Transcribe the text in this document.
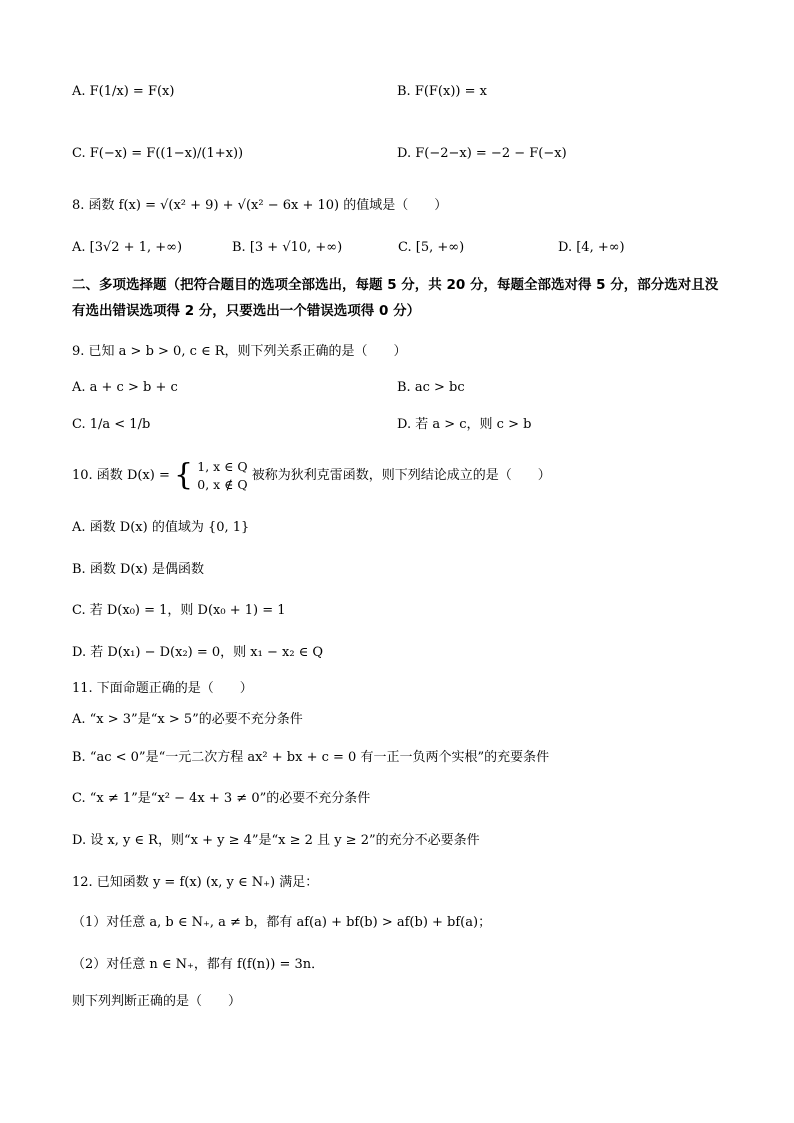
A. F(1/x) = F(x)	B. F(F(x)) = x
C. F(−x) = F((1−x)/(1+x))	D. F(−2−x) = −2 − F(−x)
8. 函数 f(x) = √(x² + 9) + √(x² − 6x + 10) 的值域是（　　）
A. [3√2 + 1, +∞)	B. [3 + √10, +∞)	C. [5, +∞)	D. [4, +∞)
二、多项选择题（把符合题目的选项全部选出，每题 5 分，共 20 分，每题全部选对得 5 分，部分选对且没有选出错误选项得 2 分，只要选出一个错误选项得 0 分）
9. 已知 a > b > 0, c ∈ R，则下列关系正确的是（　　）
A. a + c > b + c	B. ac > bc
C. 1/a < 1/b	D. 若 a > c，则 c > b
10. 函数 D(x) = { 1, x ∈ Q
0, x ∉ Q
被称为狄利克雷函数，则下列结论成立的是（　　）
A. 函数 D(x) 的值域为 {0, 1}
B. 函数 D(x) 是偶函数
C. 若 D(x₀) = 1，则 D(x₀ + 1) = 1
D. 若 D(x₁) − D(x₂) = 0，则 x₁ − x₂ ∈ Q
11. 下面命题正确的是（　　）
A. “x > 3”是“x > 5”的必要不充分条件
B. “ac < 0”是“一元二次方程 ax² + bx + c = 0 有一正一负两个实根”的充要条件
C. “x ≠ 1”是“x² − 4x + 3 ≠ 0”的必要不充分条件
D. 设 x, y ∈ R，则“x + y ≥ 4”是“x ≥ 2 且 y ≥ 2”的充分不必要条件
12. 已知函数 y = f(x) (x, y ∈ N₊) 满足：
（1）对任意 a, b ∈ N₊, a ≠ b，都有 af(a) + bf(b) > af(b) + bf(a)；
（2）对任意 n ∈ N₊，都有 f(f(n)) = 3n．
则下列判断正确的是（　　）
